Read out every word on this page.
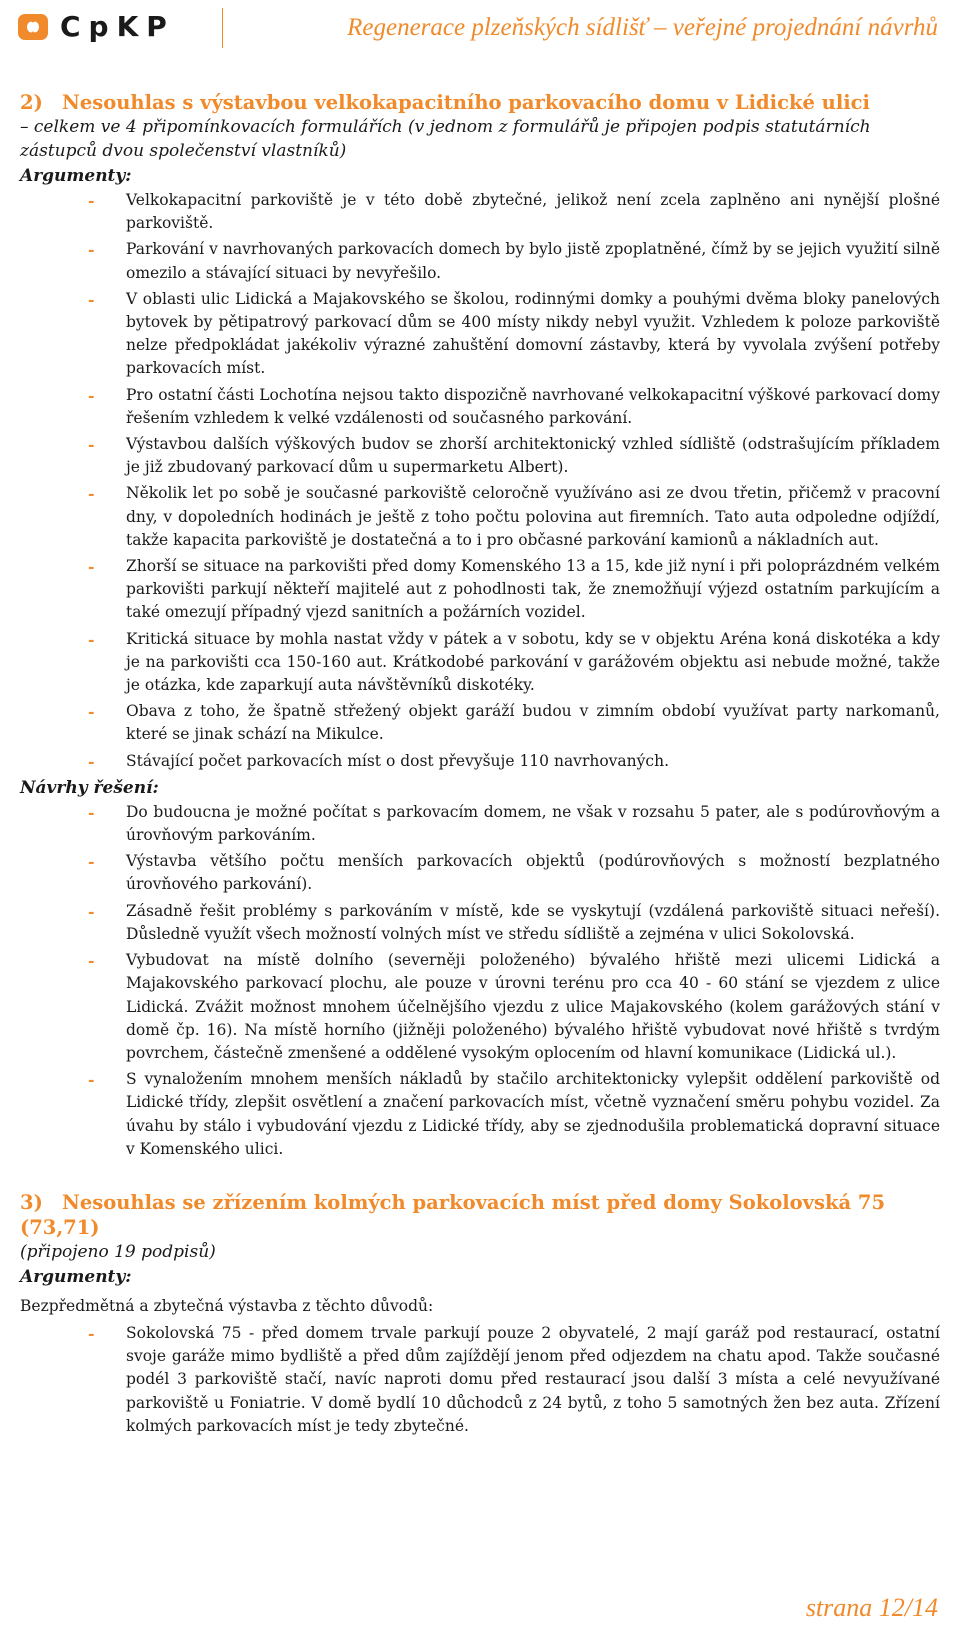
CpKP	Regenerace plzeňských sídlišť – veřejné projednání návrhů
2) Nesouhlas s výstavbou velkokapacitního parkovacího domu v Lidické ulici
– celkem ve 4 připomínkovacích formulářích (v jednom z formulářů je připojen podpis statutárních zástupců dvou společenství vlastníků)
Argumenty:
- Velkokapacitní parkoviště je v této době zbytečné, jelikož není zcela zaplněno ani nynější plošné parkoviště.
- Parkování v navrhovaných parkovacích domech by bylo jistě zpoplatněné, čímž by se jejich využití silně omezilo a stávající situaci by nevyřešilo.
- V oblasti ulic Lidická a Majakovského se školou, rodinnými domky a pouhými dvěma bloky panelových bytovek by pětipatrový parkovací dům se 400 místy nikdy nebyl využit. Vzhledem k poloze parkoviště nelze předpokládat jakékoliv výrazné zahuštění domovní zástavby, která by vyvolala zvýšení potřeby parkovacích míst.
- Pro ostatní části Lochotína nejsou takto dispozičně navrhované velkokapacitní výškové parkovací domy řešením vzhledem k velké vzdálenosti od současného parkování.
- Výstavbou dalších výškových budov se zhorší architektonický vzhled sídliště (odstrašujícím příkladem je již zbudovaný parkovací dům u supermarketu Albert).
- Několik let po sobě je současné parkoviště celoročně využíváno asi ze dvou třetin, přičemž v pracovní dny, v dopoledních hodinách je ještě z toho počtu polovina aut firemních. Tato auta odpoledne odjíždí, takže kapacita parkoviště je dostatečná a to i pro občasné parkování kamionů a nákladních aut.
- Zhorší se situace na parkovišti před domy Komenského 13 a 15, kde již nyní i při poloprázdném velkém parkovišti parkují někteří majitelé aut z pohodlnosti tak, že znemožňují výjezd ostatním parkujícím a také omezují případný vjezd sanitních a požárních vozidel.
- Kritická situace by mohla nastat vždy v pátek a v sobotu, kdy se v objektu Aréna koná diskotéka a kdy je na parkovišti cca 150-160 aut. Krátkodobé parkování v garážovém objektu asi nebude možné, takže je otázka, kde zaparkují auta návštěvníků diskotéky.
- Obava z toho, že špatně střežený objekt garáží budou v zimním období využívat party narkomanů, které se jinak schází na Mikulce.
- Stávající počet parkovacích míst o dost převyšuje 110 navrhovaných.
Návrhy řešení:
- Do budoucna je možné počítat s parkovacím domem, ne však v rozsahu 5 pater, ale s podúrovňovým a úrovňovým parkováním.
- Výstavba většího počtu menších parkovacích objektů (podúrovňových s možností bezplatného úrovňového parkování).
- Zásadně řešit problémy s parkováním v místě, kde se vyskytují (vzdálená parkoviště situaci neřeší). Důsledně využít všech možností volných míst ve středu sídliště a zejména v ulici Sokolovská.
- Vybudovat na místě dolního (severněji položeného) bývalého hřiště mezi ulicemi Lidická a Majakovského parkovací plochu, ale pouze v úrovni terénu pro cca 40 - 60 stání se vjezdem z ulice Lidická. Zvážit možnost mnohem účelnějšího vjezdu z ulice Majakovského (kolem garážových stání v domě čp. 16). Na místě horního (jižněji položeného) bývalého hřiště vybudovat nové hřiště s tvrdým povrchem, částečně zmenšené a oddělené vysokým oplocením od hlavní komunikace (Lidická ul.).
- S vynaložením mnohem menších nákladů by stačilo architektonicky vylepšit oddělení parkoviště od Lidické třídy, zlepšit osvětlení a značení parkovacích míst, včetně vyznačení směru pohybu vozidel. Za úvahu by stálo i vybudování vjezdu z Lidické třídy, aby se zjednodušila problematická dopravní situace v Komenského ulici.
3) Nesouhlas se zřízením kolmých parkovacích míst před domy Sokolovská 75 (73,71)
(připojeno 19 podpisů)
Argumenty:
Bezpředmětná a zbytečná výstavba z těchto důvodů:
- Sokolovská 75 - před domem trvale parkují pouze 2 obyvatelé, 2 mají garáž pod restaurací, ostatní svoje garáže mimo bydliště a před dům zajíždějí jenom před odjezdem na chatu apod. Takže současné podél 3 parkoviště stačí, navíc naproti domu před restaurací jsou další 3 místa a celé nevyužívané parkoviště u Foniatrie. V domě bydlí 10 důchodců z 24 bytů, z toho 5 samotných žen bez auta. Zřízení kolmých parkovacích míst je tedy zbytečné.
strana 12/14
